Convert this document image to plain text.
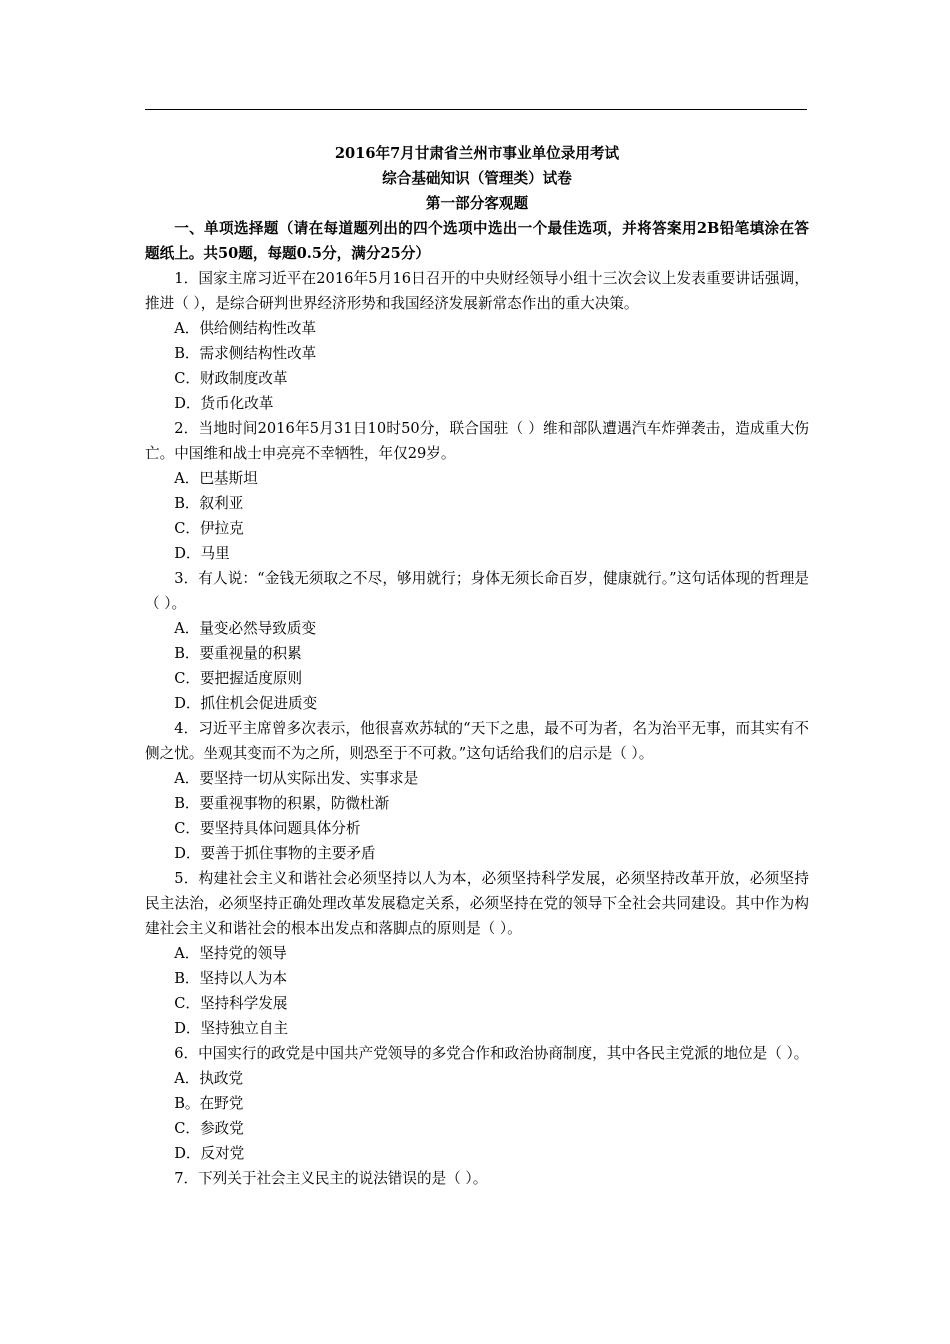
2016年7月甘肃省兰州市事业单位录用考试

综合基础知识（管理类）试卷

第一部分客观题

一、单项选择题（请在每道题列出的四个选项中选出一个最佳选项，并将答案用2B铅笔填涂在答题纸上。共50题，每题0.5分，满分25分）

1．国家主席习近平在2016年5月16日召开的中央财经领导小组十三次会议上发表重要讲话强调，推进（ ），是综合研判世界经济形势和我国经济发展新常态作出的重大决策。

A．供给侧结构性改革

B．需求侧结构性改革

C．财政制度改革

D．货币化改革

2．当地时间2016年5月31日10时50分，联合国驻（ ）维和部队遭遇汽车炸弹袭击，造成重大伤亡。中国维和战士申亮亮不幸牺牲，年仅29岁。

A．巴基斯坦

B．叙利亚

C．伊拉克

D．马里

3．有人说：“金钱无须取之不尽，够用就行；身体无须长命百岁，健康就行。”这句话体现的哲理是（ ）。

A．量变必然导致质变

B．要重视量的积累

C．要把握适度原则

D．抓住机会促进质变

4．习近平主席曾多次表示，他很喜欢苏轼的“天下之患，最不可为者，名为治平无事，而其实有不侧之忧。坐观其变而不为之所，则恐至于不可救。”这句话给我们的启示是（ ）。

A．要坚持一切从实际出发、实事求是

B．要重视事物的积累，防微杜渐

C．要坚持具体问题具体分析

D．要善于抓住事物的主要矛盾

5．构建社会主义和谐社会必须坚持以人为本，必须坚持科学发展，必须坚持改革开放，必须坚持民主法治，必须坚持正确处理改革发展稳定关系，必须坚持在党的领导下全社会共同建设。其中作为构建社会主义和谐社会的根本出发点和落脚点的原则是（ ）。

A．坚持党的领导

B．坚持以人为本

C．坚持科学发展

D．坚持独立自主

6．中国实行的政党是中国共产党领导的多党合作和政治协商制度，其中各民主党派的地位是（ ）。

A．执政党

B。在野党

C．参政党

D．反对党

7．下列关于社会主义民主的说法错误的是（ ）。
